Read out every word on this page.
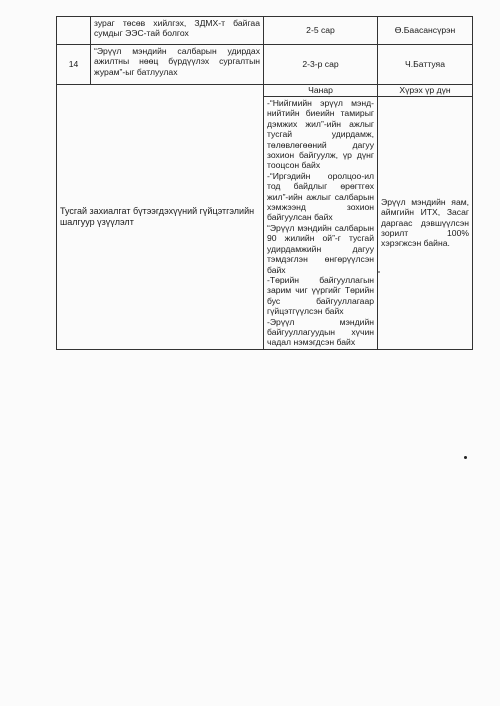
	зураг төсөв хийлгэх, ЗДМХ-т байгаа сумдыг ЭЭС-тай болгох	2-5 сар	Ө.Баасансүрэн
14	“Эрүүл мэндийн салбарын удирдах ажилтны нөөц бүрдүүлэх сургалтын журам”-ыг батлуулах	2-3-р сар	Ч.Баттуяа
Тусгай захиалгат бүтээгдэхүүний гүйцэтгэлийн шалгуур үзүүлэлт		Чанар	Хүрэх үр дүн

		-“Нийгмийн эрүүл мэнд-нийтийн биеийн тамирыг дэмжих жил”-ийн ажлыг тусгай удирдамж, төлөвлөгөөний дагуу зохион байгуулж, үр дүнг тооцсон байх
-“Иргэдийн оролцоо-ил тод байдлыг өрөгтгөх жил”-ийн ажлыг салбарын хэмжээнд зохион байгуулсан байх
“Эрүүл мэндийн салбарын 90 жилийн ой”-г тусгай удирдамжийн дагуу тэмдэглэн өнгөрүүлсэн байх
-Төрийн байгууллагын зарим чиг үүргийг Төрийн бус байгууллагаар гүйцэтгүүлсэн байх
-Эрүүл мэндийн байгууллагуудын хүчин чадал нэмэгдсэн байх	Эрүүл мэндийн яам, аймгийн ИТХ, Засаг даргаас дэвшүүлсэн зорилт 100% хэрэгжсэн байна.
